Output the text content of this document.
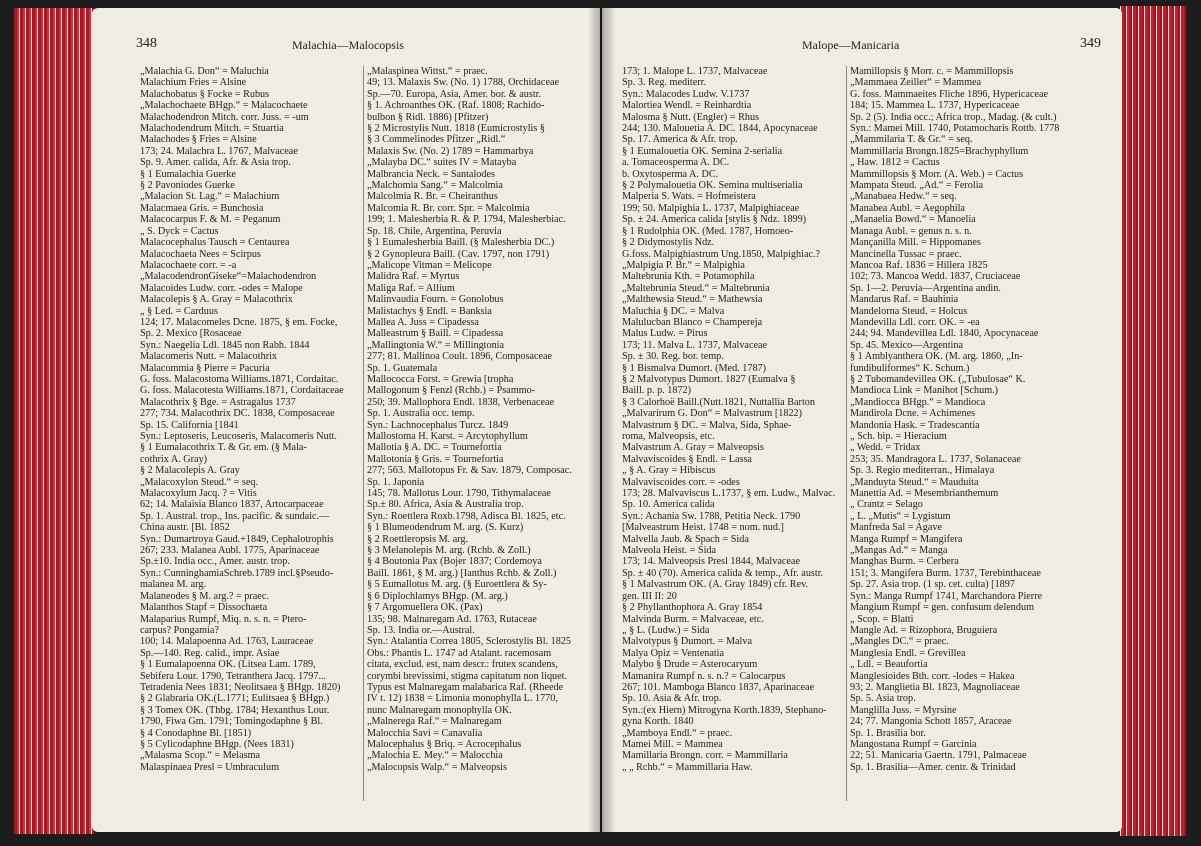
348	Malachia—Malocopsis
„Malachia G. Don“ = Maluchia
Malachium Fries = Alsine
Malachobatus § Focke = Rubus
„Malachochaete BHgp.“ = Malacochaete
Malachodendron Mitch. corr. Juss. = -um
Malachodendrum Mitch. = Stuartia
Malachodes § Fries = Alsine
173; 24. Malachra L. 1767, Malvaceae
Sp. 9. Amer. calida, Afr. & Asia trop.
§ 1 Eumalachia Guerke
§ 2 Pavoniodes Guerke
„Malacion St. Lag.“ = Malachium
Malacmaea Gris. = Bunchosia
Malacocarpus F. & M. = Peganum
„ S. Dyck = Cactus
Malacocephalus Tausch = Centaurea
Malacochaeta Nees = Scirpus
Malacochaete corr. = -a
„MalacodendronGiseke“=Malachodendron
Malacoides Ludw. corr. -odes = Malope
Malacolepis § A. Gray = Malacothrix
„ § Led. = Carduus
124; 17. Malacomeles Dcne. 1875, § em. Focke,
Sp. 2. Mexico [Rosaceae
Syn.: Naegelia Ldl. 1845 non Rabh. 1844
Malacomeris Nutt. = Malacothrix
Malacommia § Pierre = Pacuria
G. foss. Malacostoma Williams.1871, Cordaitac.
G. foss. Malacotesta Williams.1871, Cordaitaceae
Malacothrix § Bge. = Astragalus 1737
277; 734. Malacothrix DC. 1838, Composaceae
Sp. 15. California [1841
Syn.: Leptoseris, Leucoseris, Malacomeris Nutt.
§ 1 Eumalacothrix T. & Gr. em. (§ Mala-
cothrix A. Gray)
§ 2 Malacolepis A. Gray
„Malacoxylon Steud.“ = seq.
Malacoxylum Jacq. ? = Vitis
62; 14. Malaisia Blanco 1837, Artocarpaceae
Sp. 1. Austral. trop., Ins. pacific. & sundaic.—
China austr. [Bl. 1852
Syn.: Dumartroya Gaud.+1849, Cephalotrophis
267; 233. Malanea Aubl. 1775, Aparinaceae
Sp.±10. India occ., Amer. austr. trop.
Syn.: CunninghamiaSchreb.1789 incl.§Pseudo-
malanea M. arg.
Malaneodes § M. arg.? = praec.
Malanthos Stapf = Dissochaeta
Malaparius Rumpf, Miq. n. s. n. = Ptero-
carpus? Pongamia?
100; 14. Malapoenna Ad. 1763, Lauraceae
Sp.—140. Reg. calid., impr. Asiae
§ 1 Eumalapoenna OK. (Litsea Lam. 1789,
Sebifera Lour. 1790, Tetranthera Jacq. 1797...
Tetradenia Nees 1831; Neolitsaea § BHgp. 1820)
§ 2 Glabraria OK.(L.1771; Eulitsaea § BHgp.)
§ 3 Tomex OK. (Thbg. 1784; Hexanthus Lour.
1790, Fiwa Gm. 1791; Tomingodaphne § Bl.
§ 4 Conodaphne Bl. [1851)
§ 5 Cylicodaphne BHgp. (Nees 1831)
„Malasma Scop.“ = Melasma
Malaspinaea Presl = Umbraculum
„Malaspinea Wittst.“ = praec.
49; 13. Malaxis Sw. (No. 1) 1788, Orchidaceae
Sp.—70. Europa, Asia, Amer. bor. & austr.
§ 1. Achroanthes OK. (Raf. 1808; Rachido-
bulbon § Ridl. 1886) [Pfitzer)
§ 2 Microstylis Nutt. 1818 (Eumicrostylis §
§ 3 Commelinodes Pfitzer „Ridl.“
Malaxis Sw. (No. 2) 1789 = Hammarbya
„Malayba DC.“ suites IV = Matayba
Malbrancia Neck. = Santalodes
„Malchomia Sang.“ = Malcolmia
Malcolmia R. Br. = Cheiranthus
Malcomia R. Br. corr. Spr. = Malcolmia
199; 1. Malesherbia R. & P. 1794, Malesherbiac.
Sp. 18. Chile, Argentina, Peruvia
§ 1 Eumalesherbia Baill. (§ Malesherbia DC.)
§ 2 Gynopleura Baill. (Cav. 1797, non 1791)
„Malicope Vitman = Melicope
Malidra Raf. = Myrtus
Maliga Raf. = Allium
Malinvaudia Fourn. = Gonolobus
Malistachys § Endl. = Banksia
Mallea A. Juss = Cipadessa
Malleastrum § Baill. = Cipadessa
„Mallingtonia W.“ = Millingtonia
277; 81. Mallinoa Coult. 1896, Composaceae
Sp. 1. Guatemala
Mallococca Forst. = Grewia [tropha
Mallogonum § Fenzl (Rchb.) = Psammo-
250; 39. Mallophora Endl. 1838, Verbenaceae
Sp. 1. Australia occ. temp.
Syn.: Lachnocephalus Turcz. 1849
Mallostoma H. Karst. = Arcytophyllum
Mallotia § A. DC. = Tournefortia
Mallotonia § Gris. = Tournefortia
277; 563. Mallotopus Fr. & Sav. 1879, Composac.
Sp. 1. Japonia
145; 78. Mallotus Lour. 1790, Tithymalaceae
Sp.± 80. Africa, Asia & Australia trop.
Syn.: Roettlera Roxb.1798, Adisca Bl. 1825, etc.
§ 1 Blumeodendrum M. arg. (S. Kurz)
§ 2 Roettleropsis M. arg.
§ 3 Melanolepis M. arg. (Rchb. & Zoll.)
§ 4 Boutonia Pax (Bojer 1837; Cordemoya
Baill. 1861, § M. arg.) [Ianthus Rchb. & Zoll.)
§ 5 Eumallotus M. arg. (§ Euroettlera & Sy-
§ 6 Diplochlamys BHgp. (M. arg.)
§ 7 Argomuellera OK. (Pax)
135; 98. Malnaregam Ad. 1763, Rutaceae
Sp. 13. India or.—Austral.
Syn.: Atalantia Correa 1805, Sclerostylis Bl. 1825
Obs.: Phantis L. 1747 ad Atalant. racemosam
citata, exclud. est, nam descr.: frutex scandens,
corymbi brevissimi, stigma capitatum non liquet.
Typus est Malnaregam malabarica Raf. (Rheede
IV t. 12) 1838 = Limonia monophylla L. 1770,
nunc Malnaregam monophylla OK.
„Malnerega Raf.“ = Malnaregam
Malocchia Savi = Canavalia
Malocephalus § Briq. = Acrocephalus
„Malochia E. Mey.“ = Malocchia
„Malocopsis Walp.“ = Malveopsis
Malope—Manicaria	349
173; 1. Malope L. 1737, Malvaceae
Sp. 3. Reg. mediterr.
Syn.: Malacodes Ludw. V.1737
Malortiea Wendl. = Reinhardtia
Malosma § Nutt. (Engler) = Rhus
244; 130. Malouetia A. DC. 1844, Apocynaceae
Sp. 17. America & Afr. trop.
§ 1 Eumalouetia OK. Semina 2-serialia
a. Tomaceosperma A. DC.
b. Oxytosperma A. DC.
§ 2 Polymalouetia OK. Semina multiserialia
Malperia S. Wats. = Hofmeistera
199; 50. Malpighia L. 1737, Malpighiaceae
Sp. ± 24. America calida [stylis § Ndz. 1899)
§ 1 Rudolphia OK. (Med. 1787, Homoeo-
§ 2 Didymostylis Ndz.
G.foss. Malpighiastrum Ung.1850, Malpighiac.?
„Malpigia P. Br.“ = Malpighia
Maltebrunia Kth. = Potamophila
„Maltebrunia Steud.“ = Maltebrunia
„Malthewsia Steud.“ = Mathewsia
Maluchia § DC. = Malva
Malulucban Blanco = Champereja
Malus Ludw. = Pirus
173; 11. Malva L. 1737, Malvaceae
Sp. ± 30. Reg. bor. temp.
§ 1 Bismalva Dumort. (Med. 1787)
§ 2 Malvotypus Dumort. 1827 (Eumalva §
Baill. p. p. 1872)
§ 3 Calorhoë Baill.(Nutt.1821, Nuttallia Barton
„Malvarirum G. Don“ = Malvastrum [1822)
Malvastrum § DC. = Malva, Sida, Sphae-
roma, Malveopsis, etc.
Malvastrum A. Gray = Malveopsis
Malvaviscoides § Endl. = Lassa
„ § A. Gray = Hibiscus
Malvaviscoides corr. = -odes
173; 28. Malvaviscus L.1737, § em. Ludw., Malvac.
Sp. 10. America calida
Syn.: Achania Sw. 1788, Petitia Neck. 1790
[Malveastrum Heist. 1748 = nom. nud.]
Malvella Jaub. & Spach = Sida
Malveola Heist. = Sida
173; 14. Malveopsis Presl 1844, Malvaceae
Sp. ± 40 (70). America calida & temp., Afr. austr.
§ 1 Malvastrum OK. (A. Gray 1849) cfr. Rev.
gen. III II: 20
§ 2 Phyllanthophora A. Gray 1854
Malvinda Burm. = Malvaceae, etc.
„ § L. (Ludw.) = Sida
Malvotypus § Dumort. = Malva
Malya Opiz = Ventenatia
Malybo § Drude = Asterocaryum
Mamanira Rumpf n. s. n.? = Calocarpus
267; 101. Mamboga Blanco 1837, Aparinaceae
Sp. 10. Asia & Afr. trop.
Syn.:(ex Hiern) Mitrogyna Korth.1839, Stephano-
gyna Korth. 1840
„Mamboya Endl.“ = praec.
Mamei Mill. = Mammea
Mamillaria Brongn. corr. = Mammillaria
„ „ Rchb.“ = Mammillaria Haw.
Mamillopsis § Morr. c. = Mammillopsis
„Mammaea Zeiller“ = Mammea
G. foss. Mammaeites Fliche 1896, Hypericaceae
184; 15. Mammea L. 1737, Hypericaceae
Sp. 2 (5). India occ.; Africa trop., Madag. (& cult.)
Syn.: Mamei Mill. 1740, Potamocharis Rottb. 1778
„Mammilaria T. & Gr.“ = seq.
Mammillaria Brongn.1825=Brachyphyllum
„ Haw. 1812 = Cactus
Mammillopsis § Morr. (A. Web.) = Cactus
Mampata Steud. „Ad.“ = Ferolia
„Manabaea Hedw.“ = seq.
Manabea Aubl. = Aegophila
„Manaelia Bowd.“ = Manoelia
Managa Aubl. = genus n. s. n.
Mançanilla Mill. = Hippomanes
Mancinella Tussac = praec.
Mancoa Raf. 1836 = Hillera 1825
102; 73. Mancoa Wedd. 1837, Cruciaceae
Sp. 1—2. Peruvia—Argentina andin.
Mandarus Raf. = Bauhinia
Mandelorna Steud. = Holcus
Mandevilla Ldl. corr. OK. = -ea
244; 94. Mandevillea Ldl. 1840, Apocynaceae
Sp. 45. Mexico—Argentina
§ 1 Amblyanthera OK. (M. arg. 1860, „In-
fundibuliformes“ K. Schum.)
§ 2 Tubomandevillea OK. („Tubulosae“ K.
Mandioca Link = Manihot [Schum.)
„Mandiocca BHgp.“ = Mandioca
Mandirola Dcne. = Achimenes
Mandonia Hask. = Tradescantia
„ Sch. bip. = Hieracium
„ Wedd. = Tridax
253; 35. Mandragora L. 1737, Solanaceae
Sp. 3. Regio mediterran., Himalaya
„Manduyta Steud.“ = Mauduita
Manettia Ad. = Mesembrianthemum
„ Crantz = Selago
„ L. „Mutis“ = Lygistum
Manfreda Sal = Agave
Manga Rumpf = Mangifera
„Mangas Ad.“ = Manga
Manghas Burm. = Cerbera
151; 3. Mangifera Burm. 1737, Terebinthaceae
Sp. 27. Asia trop. (1 sp. cet. culta) [1897
Syn.: Manga Rumpf 1741, Marchandora Pierre
Mangium Rumpf = gen. confusum delendum
„ Scop. = Blatti
Mangle Ad. = Rizophora, Bruguiera
„Mangles DC.“ = praec.
Manglesia Endl. = Grevillea
„ Ldl. = Beaufortia
Manglesioides Bth. corr. -lodes = Hakea
93; 2. Manglietia Bl. 1823, Magnoliaceae
Sp. 5. Asia trop.
Manglilla Juss. = Myrsine
24; 77. Mangonia Schott 1857, Araceae
Sp. 1. Brasilia bor.
Mangostana Rumpf = Garcinia
22; 51. Manicaria Gaertn. 1791, Palmaceae
Sp. 1. Brasilia—Amer. centr. & Trinidad
